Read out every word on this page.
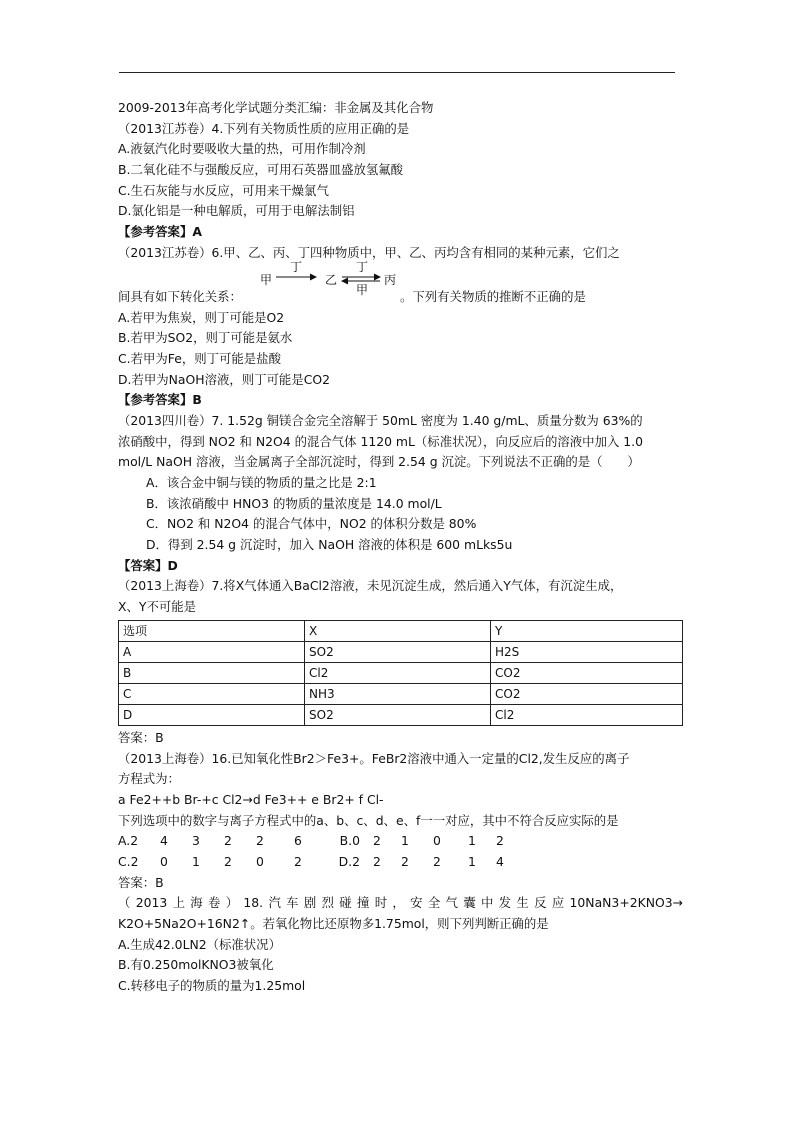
2009-2013年高考化学试题分类汇编：非金属及其化合物
（2013江苏卷）4.下列有关物质性质的应用正确的是
A.液氨汽化时要吸收大量的热，可用作制冷剂
B.二氧化硅不与强酸反应，可用石英器皿盛放氢氟酸
C.生石灰能与水反应，可用来干燥氯气
D.氯化铝是一种电解质，可用于电解法制铝
【参考答案】A
（2013江苏卷）6.甲、乙、丙、丁四种物质中，甲、乙、丙均含有相同的某种元素，它们之
间具有如下转化关系：
甲
丁
乙
丁
甲
丙
。下列有关物质的推断不正确的是
A.若甲为焦炭，则丁可能是O2
B.若甲为SO2，则丁可能是氨水
C.若甲为Fe，则丁可能是盐酸
D.若甲为NaOH溶液，则丁可能是CO2
【参考答案】B
（2013四川卷）7. 1.52g 铜镁合金完全溶解于 50mL 密度为 1.40 g/mL、质量分数为 63%的
浓硝酸中，得到 NO2 和 N2O4 的混合气体 1120 mL（标准状况），向反应后的溶液中加入 1.0
mol/L NaOH 溶液，当金属离子全部沉淀时，得到 2.54 g 沉淀。下列说法不正确的是（　　）
A．该合金中铜与镁的物质的量之比是 2:1
B．该浓硝酸中 HNO3 的物质的量浓度是 14.0 mol/L
C．NO2 和 N2O4 的混合气体中，NO2 的体积分数是 80%
D．得到 2.54 g 沉淀时，加入 NaOH 溶液的体积是 600 mLks5u
【答案】D
（2013上海卷）7.将X气体通入BaCl2溶液，未见沉淀生成，然后通入Y气体，有沉淀生成，
X、Y不可能是
选项	X	Y
A	SO2	H2S
B	Cl2	CO2
C	NH3	CO2
D	SO2	Cl2
答案：B
（2013上海卷）16.已知氧化性Br2＞Fe3+。FeBr2溶液中通入一定量的Cl2,发生反应的离子
方程式为：
a Fe2++b Br-+c Cl2→d Fe3++ e Br2+ f Cl-
下列选项中的数字与离子方程式中的a、b、c、d、e、f一一对应，其中不符合反应实际的是
A.2	4	3	2	2	6	B.0	2	1	0	1	2
C.2	0	1	2	0	2	D.2	2	2	2	1	4
答案：B
（2013上海卷）18.汽车剧烈碰撞时，安全气囊中发生反应10NaN3+2KNO3→
K2O+5Na2O+16N2↑。若氧化物比还原物多1.75mol，则下列判断正确的是
A.生成42.0LN2（标准状况）
B.有0.250molKNO3被氧化
C.转移电子的物质的量为1.25mol
